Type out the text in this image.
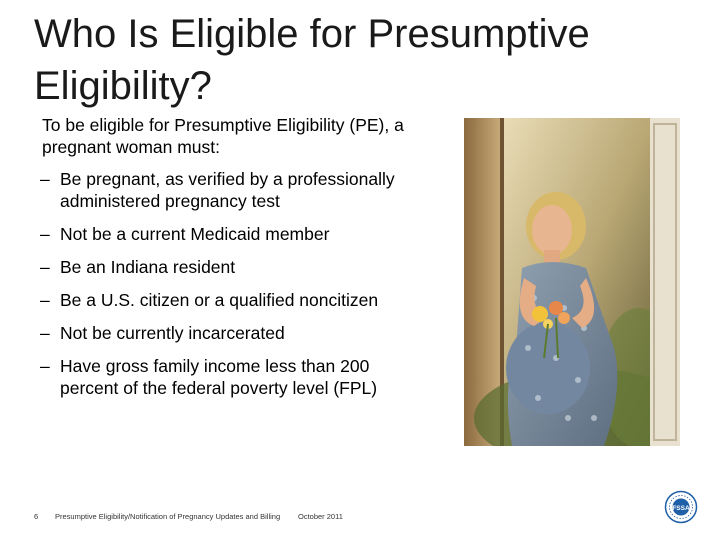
Who Is Eligible for Presumptive Eligibility?
To be eligible for Presumptive Eligibility (PE), a pregnant woman must:
– Be pregnant, as verified by a professionally administered pregnancy test
– Not be a current Medicaid member
– Be an Indiana resident
– Be a U.S. citizen or a qualified noncitizen
– Not be currently incarcerated
– Have gross family income less than 200 percent of the federal poverty level (FPL)
6 Presumptive Eligibility/Notification of Pregnancy Updates and Billing October 2011
FSSA
